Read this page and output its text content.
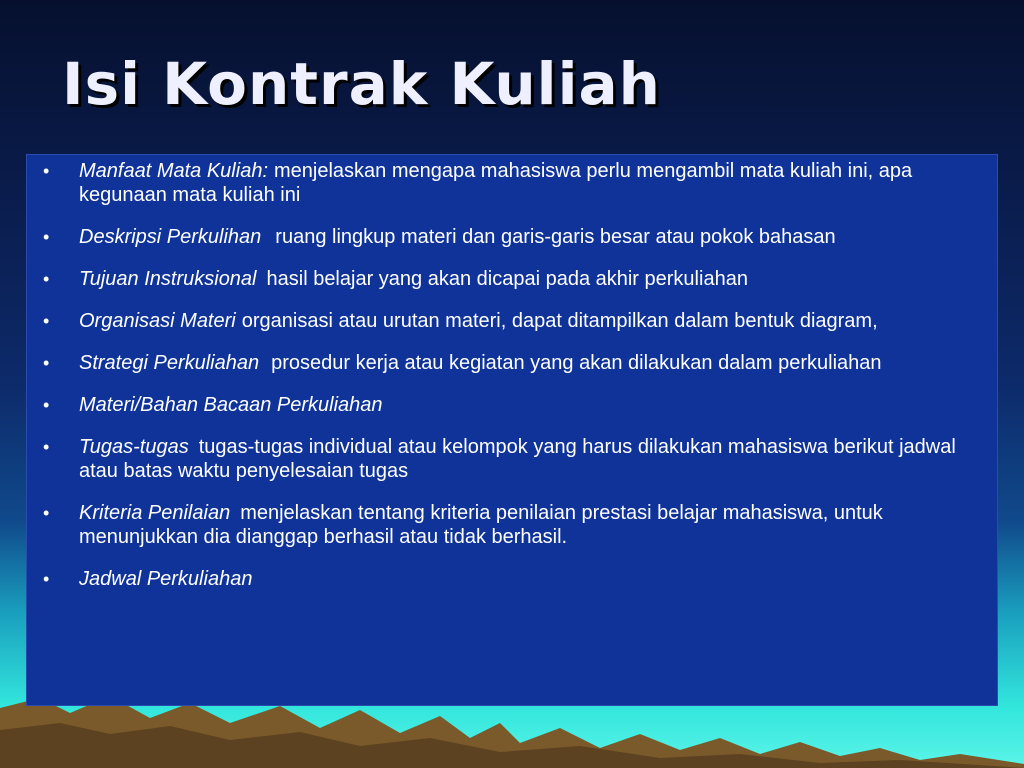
Isi Kontrak Kuliah
•	Manfaat Mata Kuliah: menjelaskan mengapa mahasiswa perlu mengambil mata kuliah ini, apa kegunaan mata kuliah ini
•	Deskripsi Perkulihan ruang lingkup materi dan garis-garis besar atau pokok bahasan
•	Tujuan Instruksional hasil belajar yang akan dicapai pada akhir perkuliahan
•	Organisasi Materi organisasi atau urutan materi, dapat ditampilkan dalam bentuk diagram,
•	Strategi Perkuliahan prosedur kerja atau kegiatan yang akan dilakukan dalam perkuliahan
•	Materi/Bahan Bacaan Perkuliahan
•	Tugas-tugas tugas-tugas individual atau kelompok yang harus dilakukan mahasiswa berikut jadwal atau batas waktu penyelesaian tugas
•	Kriteria Penilaian menjelaskan tentang kriteria penilaian prestasi belajar mahasiswa, untuk menunjukkan dia dianggap berhasil atau tidak berhasil.
•	Jadwal Perkuliahan
